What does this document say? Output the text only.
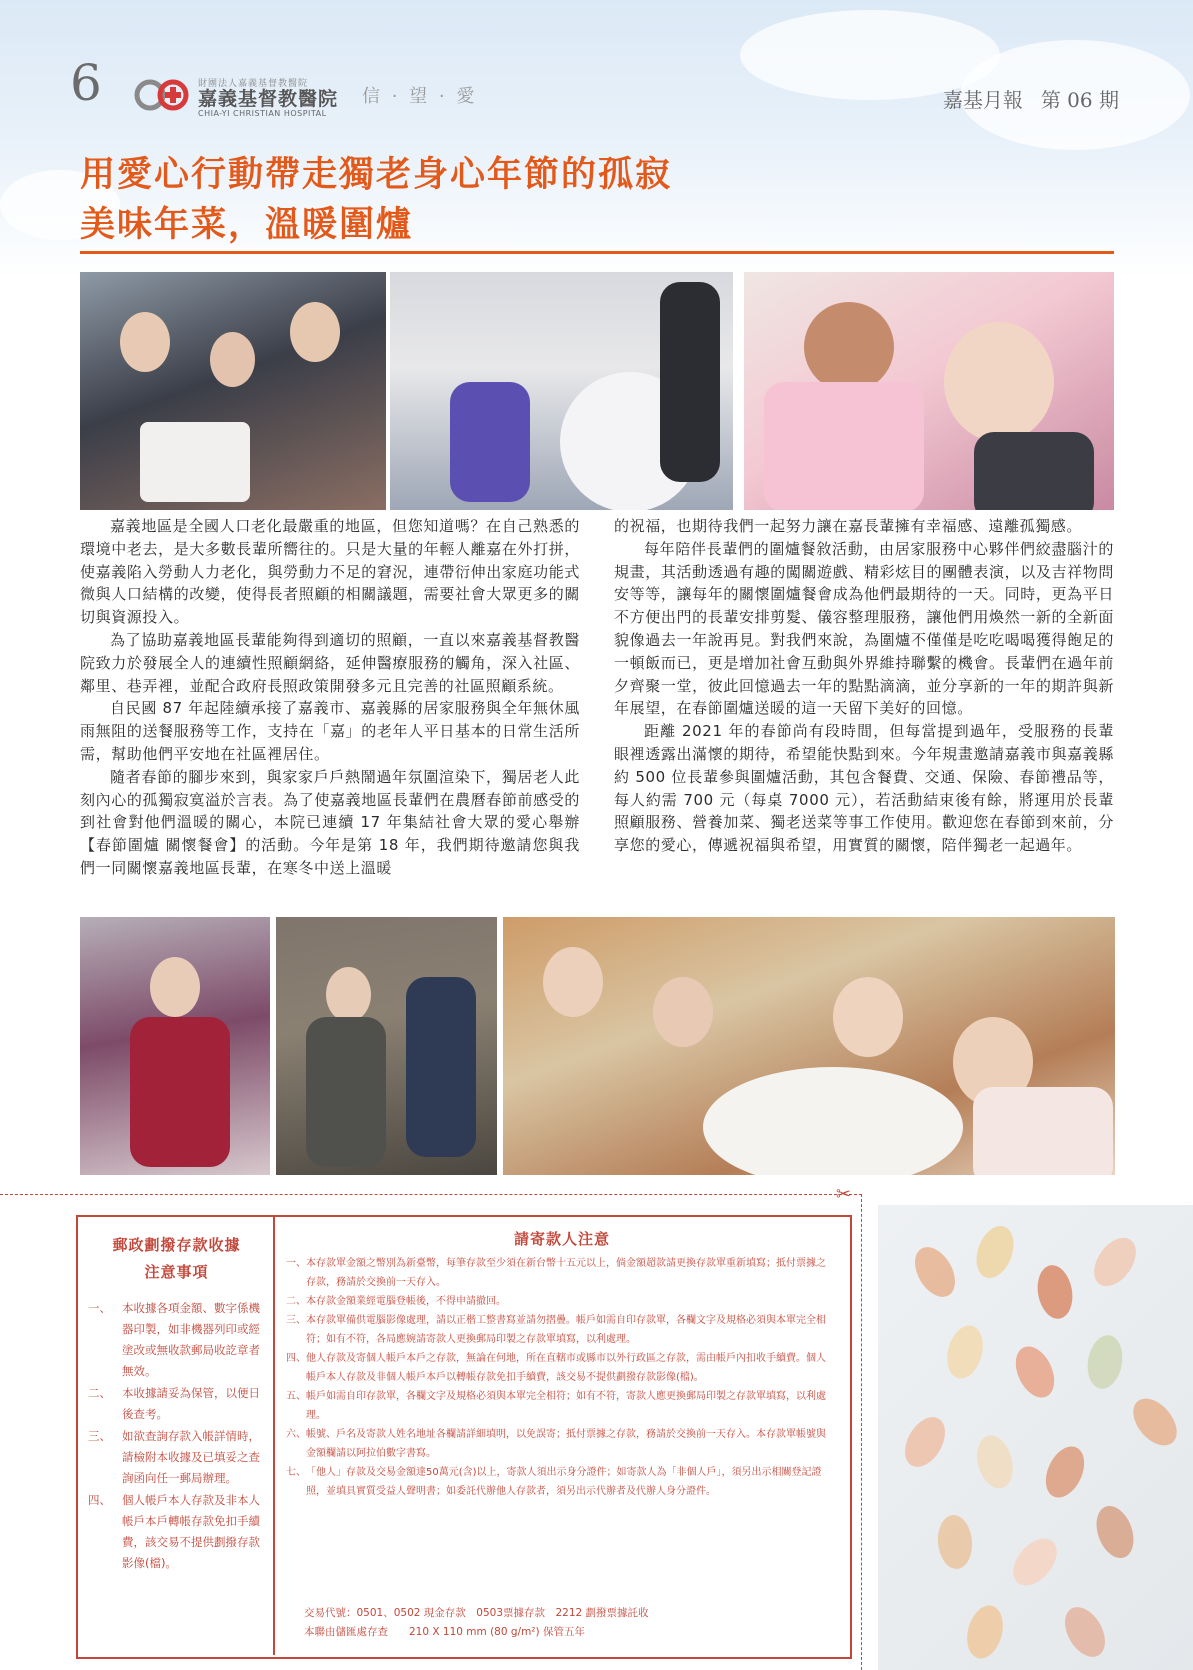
6	財團法人嘉義基督教醫院
嘉義基督教醫院
CHIA-YI CHRISTIAN HOSPITAL
信 · 望 · 愛	嘉基月報 第 06 期
用愛心行動帶走獨老身心年節的孤寂
美味年菜，溫暖圍爐

嘉義地區是全國人口老化最嚴重的地區，但您知道嗎？在自己熟悉的環境中老去，是大多數長輩所嚮往的。只是大量的年輕人離嘉在外打拼，使嘉義陷入勞動人力老化，與勞動力不足的窘況，連帶衍伸出家庭功能式微與人口結構的改變，使得長者照顧的相關議題，需要社會大眾更多的關切與資源投入。

為了協助嘉義地區長輩能夠得到適切的照顧，一直以來嘉義基督教醫院致力於發展全人的連續性照顧網絡，延伸醫療服務的觸角，深入社區、鄰里、巷弄裡，並配合政府長照政策開發多元且完善的社區照顧系統。

自民國 87 年起陸續承接了嘉義市、嘉義縣的居家服務與全年無休風雨無阻的送餐服務等工作，支持在「嘉」的老年人平日基本的日常生活所需，幫助他們平安地在社區裡居住。

隨者春節的腳步來到，與家家戶戶熱鬧過年氛圍渲染下，獨居老人此刻內心的孤獨寂寞溢於言表。為了使嘉義地區長輩們在農曆春節前感受的到社會對他們溫暖的關心，本院已連續 17 年集結社會大眾的愛心舉辦【春節圍爐 關懷餐會】的活動。今年是第 18 年，我們期待邀請您與我們一同關懷嘉義地區長輩，在寒冬中送上溫暖

的祝福，也期待我們一起努力讓在嘉長輩擁有幸福感、遠離孤獨感。

每年陪伴長輩們的圍爐餐敘活動，由居家服務中心夥伴們絞盡腦汁的規畫，其活動透過有趣的闖關遊戲、精彩炫目的團體表演，以及吉祥物問安等等，讓每年的關懷圍爐餐會成為他們最期待的一天。同時，更為平日不方便出門的長輩安排剪髮、儀容整理服務，讓他們用煥然一新的全新面貌像過去一年說再見。對我們來說，為圍爐不僅僅是吃吃喝喝獲得飽足的一頓飯而已，更是增加社會互動與外界維持聯繫的機會。長輩們在過年前夕齊聚一堂，彼此回憶過去一年的點點滴滴，並分享新的一年的期許與新年展望，在春節圍爐送暖的這一天留下美好的回憶。

距離 2021 年的春節尚有段時間，但每當提到過年，受服務的長輩眼裡透露出滿懷的期待，希望能快點到來。今年規畫邀請嘉義市與嘉義縣約 500 位長輩參與圍爐活動，其包含餐費、交通、保險、春節禮品等，每人約需 700 元（每桌 7000 元），若活動結束後有餘，將運用於長輩照顧服務、營養加菜、獨老送菜等事工作使用。歡迎您在春節到來前，分享您的愛心，傳遞祝福與希望，用實質的關懷，陪伴獨老一起過年。

✂
郵政劃撥存款收據
注意事項
一、 本收據各項金額、數字係機器印製，如非機器列印或經塗改或無收款郵局收訖章者無效。
二、 本收據請妥為保管，以便日後查考。
三、 如欲查詢存款入帳詳情時，請檢附本收據及已填妥之查詢函向任一郵局辦理。
四、 個人帳戶本人存款及非本人帳戶本戶轉帳存款免扣手續費，該交易不提供劃撥存款影像(檔)。
請寄款人注意
一、 本存款單金額之幣別為新臺幣，每筆存款至少須在新台幣十五元以上，倘金額超款請更換存款單重新填寫；抵付票據之存款，務請於交換前一天存入。
二、 本存款金額業經電腦登帳後，不得申請撤回。
三、 本存款單備供電腦影像處理，請以正楷工整書寫並請勿摺疊。帳戶如需自印存款單，各欄文字及規格必須與本單完全相符；如有不符，各局應婉請寄款人更換郵局印製之存款單填寫，以利處理。
四、 他人存款及寄個人帳戶本戶之存款，無論在何地，所在直轄市或縣市以外行政區之存款，需由帳戶內扣收手續費。個人帳戶本人存款及非個人帳戶本戶以轉帳存款免扣手續費，該交易不提供劃撥存款影像(檔)。
五、 帳戶如需自印存款單，各欄文字及規格必須與本單完全相符；如有不符，寄款人應更換郵局印製之存款單填寫，以利處理。
六、 帳號、戶名及寄款人姓名地址各欄請詳細填明，以免誤寄；抵付票據之存款，務請於交換前一天存入。本存款單帳號與金額欄請以阿拉伯數字書寫。
七、 「他人」存款及交易金額達50萬元(含)以上，寄款人須出示身分證件；如寄款人為「非個人戶」，須另出示相關登記證照，並填具實質受益人聲明書；如委託代辦他人存款者，須另出示代辦者及代辦人身分證件。
交易代號：0501、0502 現金存款　0503票據存款　2212 劃撥票據託收
本聯由儲匯處存查　　210 X 110 mm (80 g/m²) 保管五年
